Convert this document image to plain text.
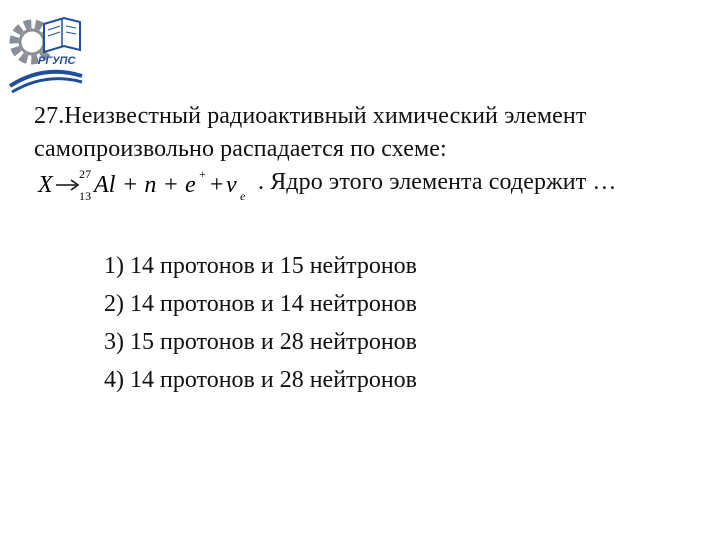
РГУПС
27.Неизвестный радиоактивный химический элемент
самопроизвольно распадается по схеме:
X 27
13 Al + n + e + + ν e
. Ядро этого элемента содержит …
1) 14 протонов и 15 нейтронов
2) 14 протонов и 14 нейтронов
3) 15 протонов и 28 нейтронов
4) 14 протонов и 28 нейтронов
